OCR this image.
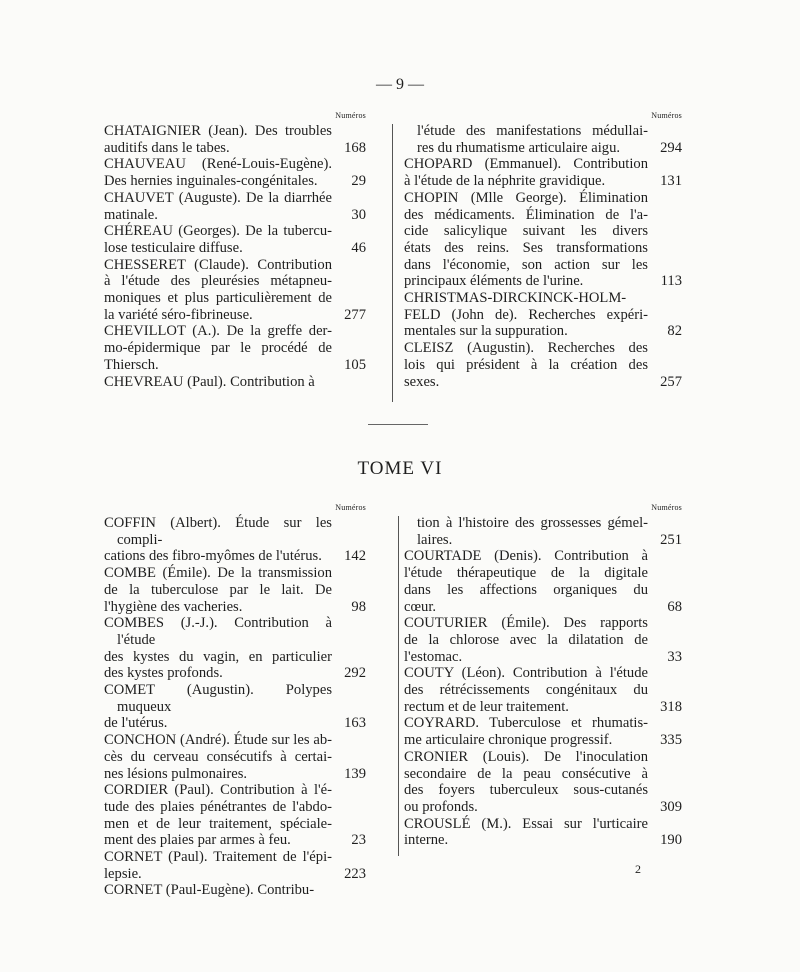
— 9 —
Numéros
CHATAIGNIER (Jean). Des troubles
auditifs dans le tabes.	168
CHAUVEAU (René-Louis-Eugène).
Des hernies inguinales-congénitales.	29
CHAUVET (Auguste). De la diarrhée
matinale.	30
CHÉREAU (Georges). De la tubercu-
lose testiculaire diffuse.	46
CHESSERET (Claude). Contribution
à l'étude des pleurésies métapneu-
moniques et plus particulièrement de
la variété séro-fibrineuse.	277
CHEVILLOT (A.). De la greffe der-
mo-épidermique par le procédé de
Thiersch.	105
CHEVREAU (Paul). Contribution à
Numéros
l'étude des manifestations médullai-
res du rhumatisme articulaire aigu.	294
CHOPARD (Emmanuel). Contribution
à l'étude de la néphrite gravidique.	131
CHOPIN (Mlle George). Élimination
des médicaments. Élimination de l'a-
cide salicylique suivant les divers
états des reins. Ses transformations
dans l'économie, son action sur les
principaux éléments de l'urine.	113
CHRISTMAS-DIRCKINCK-HOLM-
FELD (John de). Recherches expéri-
mentales sur la suppuration.	82
CLEISZ (Augustin). Recherches des
lois qui président à la création des
sexes.	257
TOME VI
Numéros
COFFIN (Albert). Étude sur les compli-
cations des fibro-myômes de l'utérus.	142
COMBE (Émile). De la transmission
de la tuberculose par le lait. De
l'hygiène des vacheries.	98
COMBES (J.-J.). Contribution à l'étude
des kystes du vagin, en particulier
des kystes profonds.	292
COMET (Augustin). Polypes muqueux
de l'utérus.	163
CONCHON (André). Étude sur les ab-
cès du cerveau consécutifs à certai-
nes lésions pulmonaires.	139
CORDIER (Paul). Contribution à l'é-
tude des plaies pénétrantes de l'abdo-
men et de leur traitement, spéciale-
ment des plaies par armes à feu.	23
CORNET (Paul). Traitement de l'épi-
lepsie.	223
CORNET (Paul-Eugène). Contribu-
Numéros
tion à l'histoire des grossesses gémel-
laires.	251
COURTADE (Denis). Contribution à
l'étude thérapeutique de la digitale
dans les affections organiques du
cœur.	68
COUTURIER (Émile). Des rapports
de la chlorose avec la dilatation de
l'estomac.	33
COUTY (Léon). Contribution à l'étude
des rétrécissements congénitaux du
rectum et de leur traitement.	318
COYRARD. Tuberculose et rhumatis-
me articulaire chronique progressif.	335
CRONIER (Louis). De l'inoculation
secondaire de la peau consécutive à
des foyers tuberculeux sous-cutanés
ou profonds.	309
CROUSLÉ (M.). Essai sur l'urticaire
interne.	190
2
